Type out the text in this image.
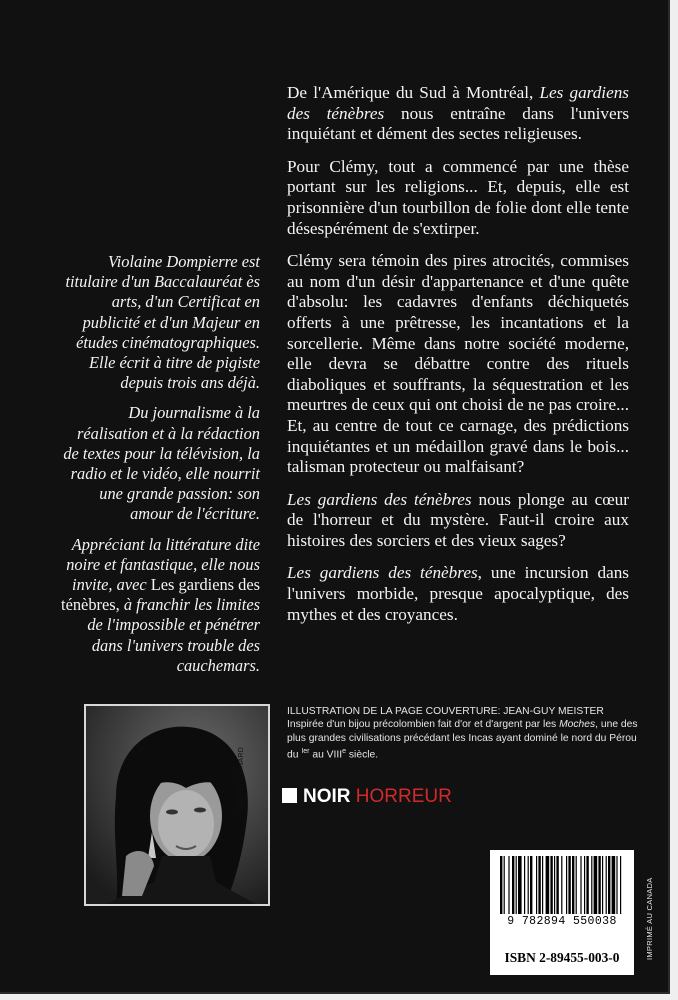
De l'Amérique du Sud à Montréal, Les gardiens des ténèbres nous entraîne dans l'univers inquiétant et dément des sectes religieuses.

Pour Clémy, tout a commencé par une thèse portant sur les religions... Et, depuis, elle est prisonnière d'un tourbillon de folie dont elle tente désespérément de s'extirper.

Clémy sera témoin des pires atrocités, commises au nom d'un désir d'appartenance et d'une quête d'absolu: les cadavres d'enfants déchiquetés offerts à une prêtresse, les incantations et la sorcellerie. Même dans notre société moderne, elle devra se débattre contre des rituels diaboliques et souffrants, la séquestration et les meurtres de ceux qui ont choisi de ne pas croire... Et, au centre de tout ce carnage, des prédictions inquiétantes et un médaillon gravé dans le bois... talisman protecteur ou malfaisant?

Les gardiens des ténèbres nous plonge au cœur de l'horreur et du mystère. Faut-il croire aux histoires des sorciers et des vieux sages?

Les gardiens des ténèbres, une incursion dans l'univers morbide, presque apocalyptique, des mythes et des croyances.

Violaine Dompierre est titulaire d'un Baccalauréat ès arts, d'un Certificat en publicité et d'un Majeur en études cinématographiques. Elle écrit à titre de pigiste depuis trois ans déjà.

Du journalisme à la réalisation et à la rédaction de textes pour la télévision, la radio et le vidéo, elle nourrit une grande passion: son amour de l'écriture.

Appréciant la littérature dite noire et fantastique, elle nous invite, avec Les gardiens des ténèbres, à franchir les limites de l'impossible et pénétrer dans l'univers trouble des cauchemars.

ILLUSTRATION DE LA PAGE COUVERTURE: JEAN-GUY MEISTER
Inspirée d'un bijou précolombien fait d'or et d'argent par les Moches, une des plus grandes civilisations précédant les Incas ayant dominé le nord du Pérou du $^{Ier}$ au VIIIe siècle.
NOIR HORREUR
MARTIN DIGNARD
9 782894 550038
ISBN 2-89455-003-0	IMPRIMÉ AU CANADA
